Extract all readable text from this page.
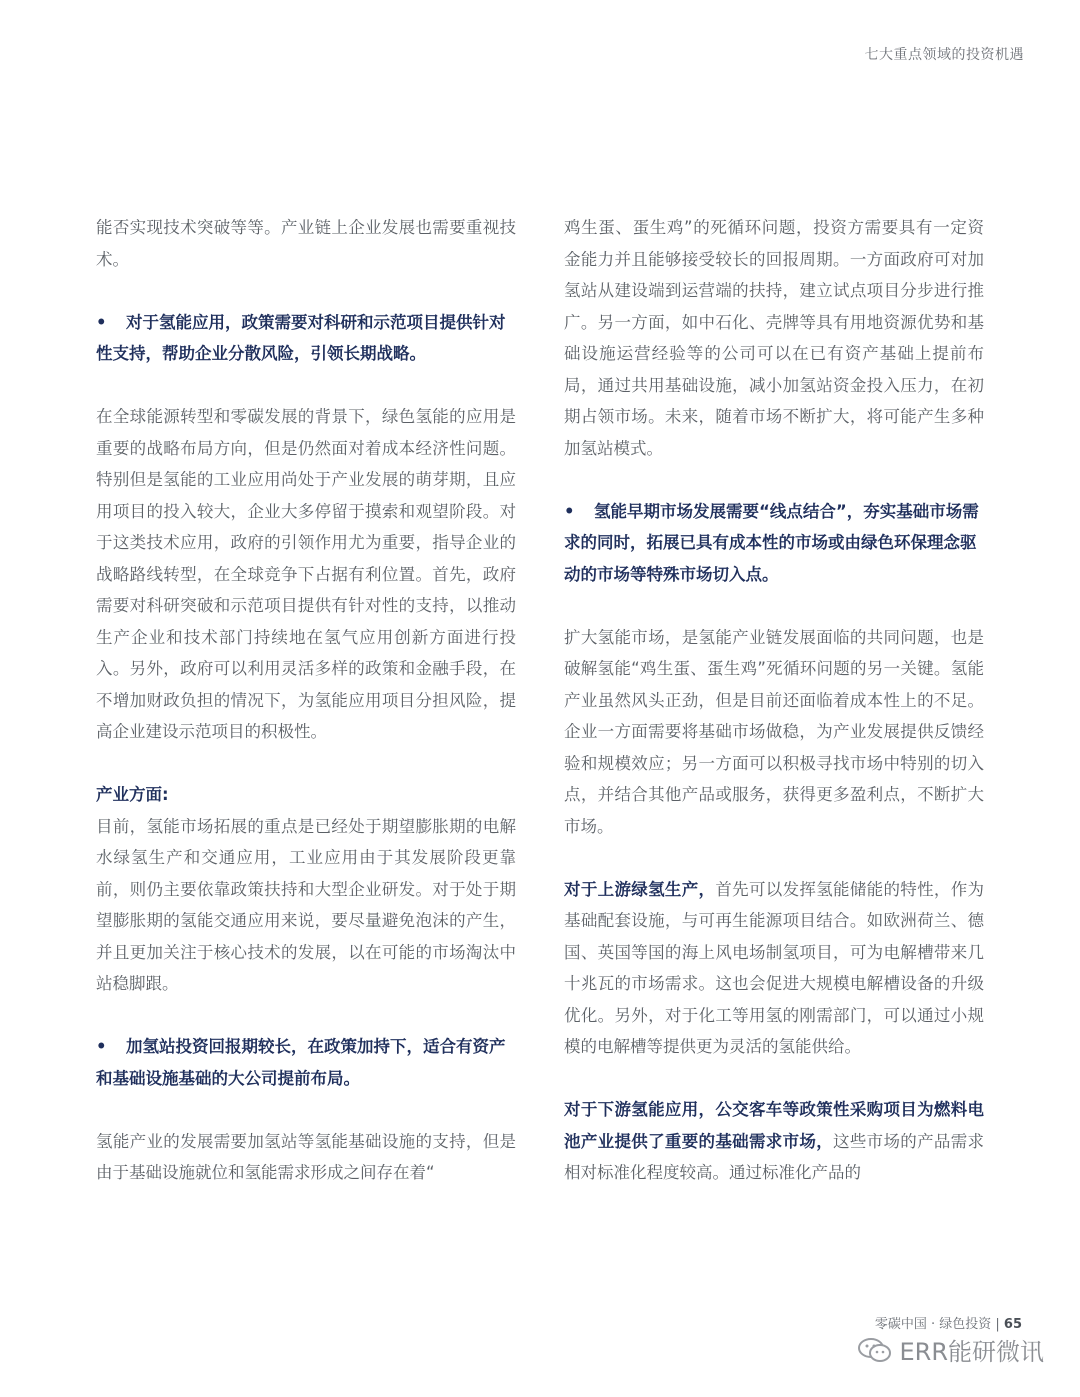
七大重点领域的投资机遇

能否实现技术突破等等。产业链上企业发展也需要重视技术。

• 对于氢能应用，政策需要对科研和示范项目提供针对性支持，帮助企业分散风险，引领长期战略。

在全球能源转型和零碳发展的背景下，绿色氢能的应用是重要的战略布局方向，但是仍然面对着成本经济性问题。特别但是氢能的工业应用尚处于产业发展的萌芽期，且应用项目的投入较大，企业大多停留于摸索和观望阶段。对于这类技术应用，政府的引领作用尤为重要，指导企业的战略路线转型，在全球竞争下占据有利位置。首先，政府需要对科研突破和示范项目提供有针对性的支持，以推动生产企业和技术部门持续地在氢气应用创新方面进行投入。另外，政府可以利用灵活多样的政策和金融手段，在不增加财政负担的情况下，为氢能应用项目分担风险，提高企业建设示范项目的积极性。

产业方面:

目前，氢能市场拓展的重点是已经处于期望膨胀期的电解水绿氢生产和交通应用，工业应用由于其发展阶段更靠前，则仍主要依靠政策扶持和大型企业研发。对于处于期望膨胀期的氢能交通应用来说，要尽量避免泡沫的产生，并且更加关注于核心技术的发展，以在可能的市场淘汰中站稳脚跟。

• 加氢站投资回报期较长，在政策加持下，适合有资产和基础设施基础的大公司提前布局。

氢能产业的发展需要加氢站等氢能基础设施的支持，但是由于基础设施就位和氢能需求形成之间存在着“

鸡生蛋、蛋生鸡”的死循环问题，投资方需要具有一定资金能力并且能够接受较长的回报周期。一方面政府可对加氢站从建设端到运营端的扶持，建立试点项目分步进行推广。另一方面，如中石化、壳牌等具有用地资源优势和基础设施运营经验等的公司可以在已有资产基础上提前布局，通过共用基础设施，减小加氢站资金投入压力，在初期占领市场。未来，随着市场不断扩大，将可能产生多种加氢站模式。

• 氢能早期市场发展需要“线点结合”，夯实基础市场需求的同时，拓展已具有成本性的市场或由绿色环保理念驱动的市场等特殊市场切入点。

扩大氢能市场，是氢能产业链发展面临的共同问题，也是破解氢能“鸡生蛋、蛋生鸡”死循环问题的另一关键。氢能产业虽然风头正劲，但是目前还面临着成本性上的不足。企业一方面需要将基础市场做稳，为产业发展提供反馈经验和规模效应；另一方面可以积极寻找市场中特别的切入点，并结合其他产品或服务，获得更多盈利点，不断扩大市场。

对于上游绿氢生产，首先可以发挥氢能储能的特性，作为基础配套设施，与可再生能源项目结合。如欧洲荷兰、德国、英国等国的海上风电场制氢项目，可为电解槽带来几十兆瓦的市场需求。这也会促进大规模电解槽设备的升级优化。另外，对于化工等用氢的刚需部门，可以通过小规模的电解槽等提供更为灵活的氢能供给。

对于下游氢能应用，公交客车等政策性采购项目为燃料电池产业提供了重要的基础需求市场，这些市场的产品需求相对标准化程度较高。通过标准化产品的

零碳中国 · 绿色投资 | 65
ERR能研微讯
